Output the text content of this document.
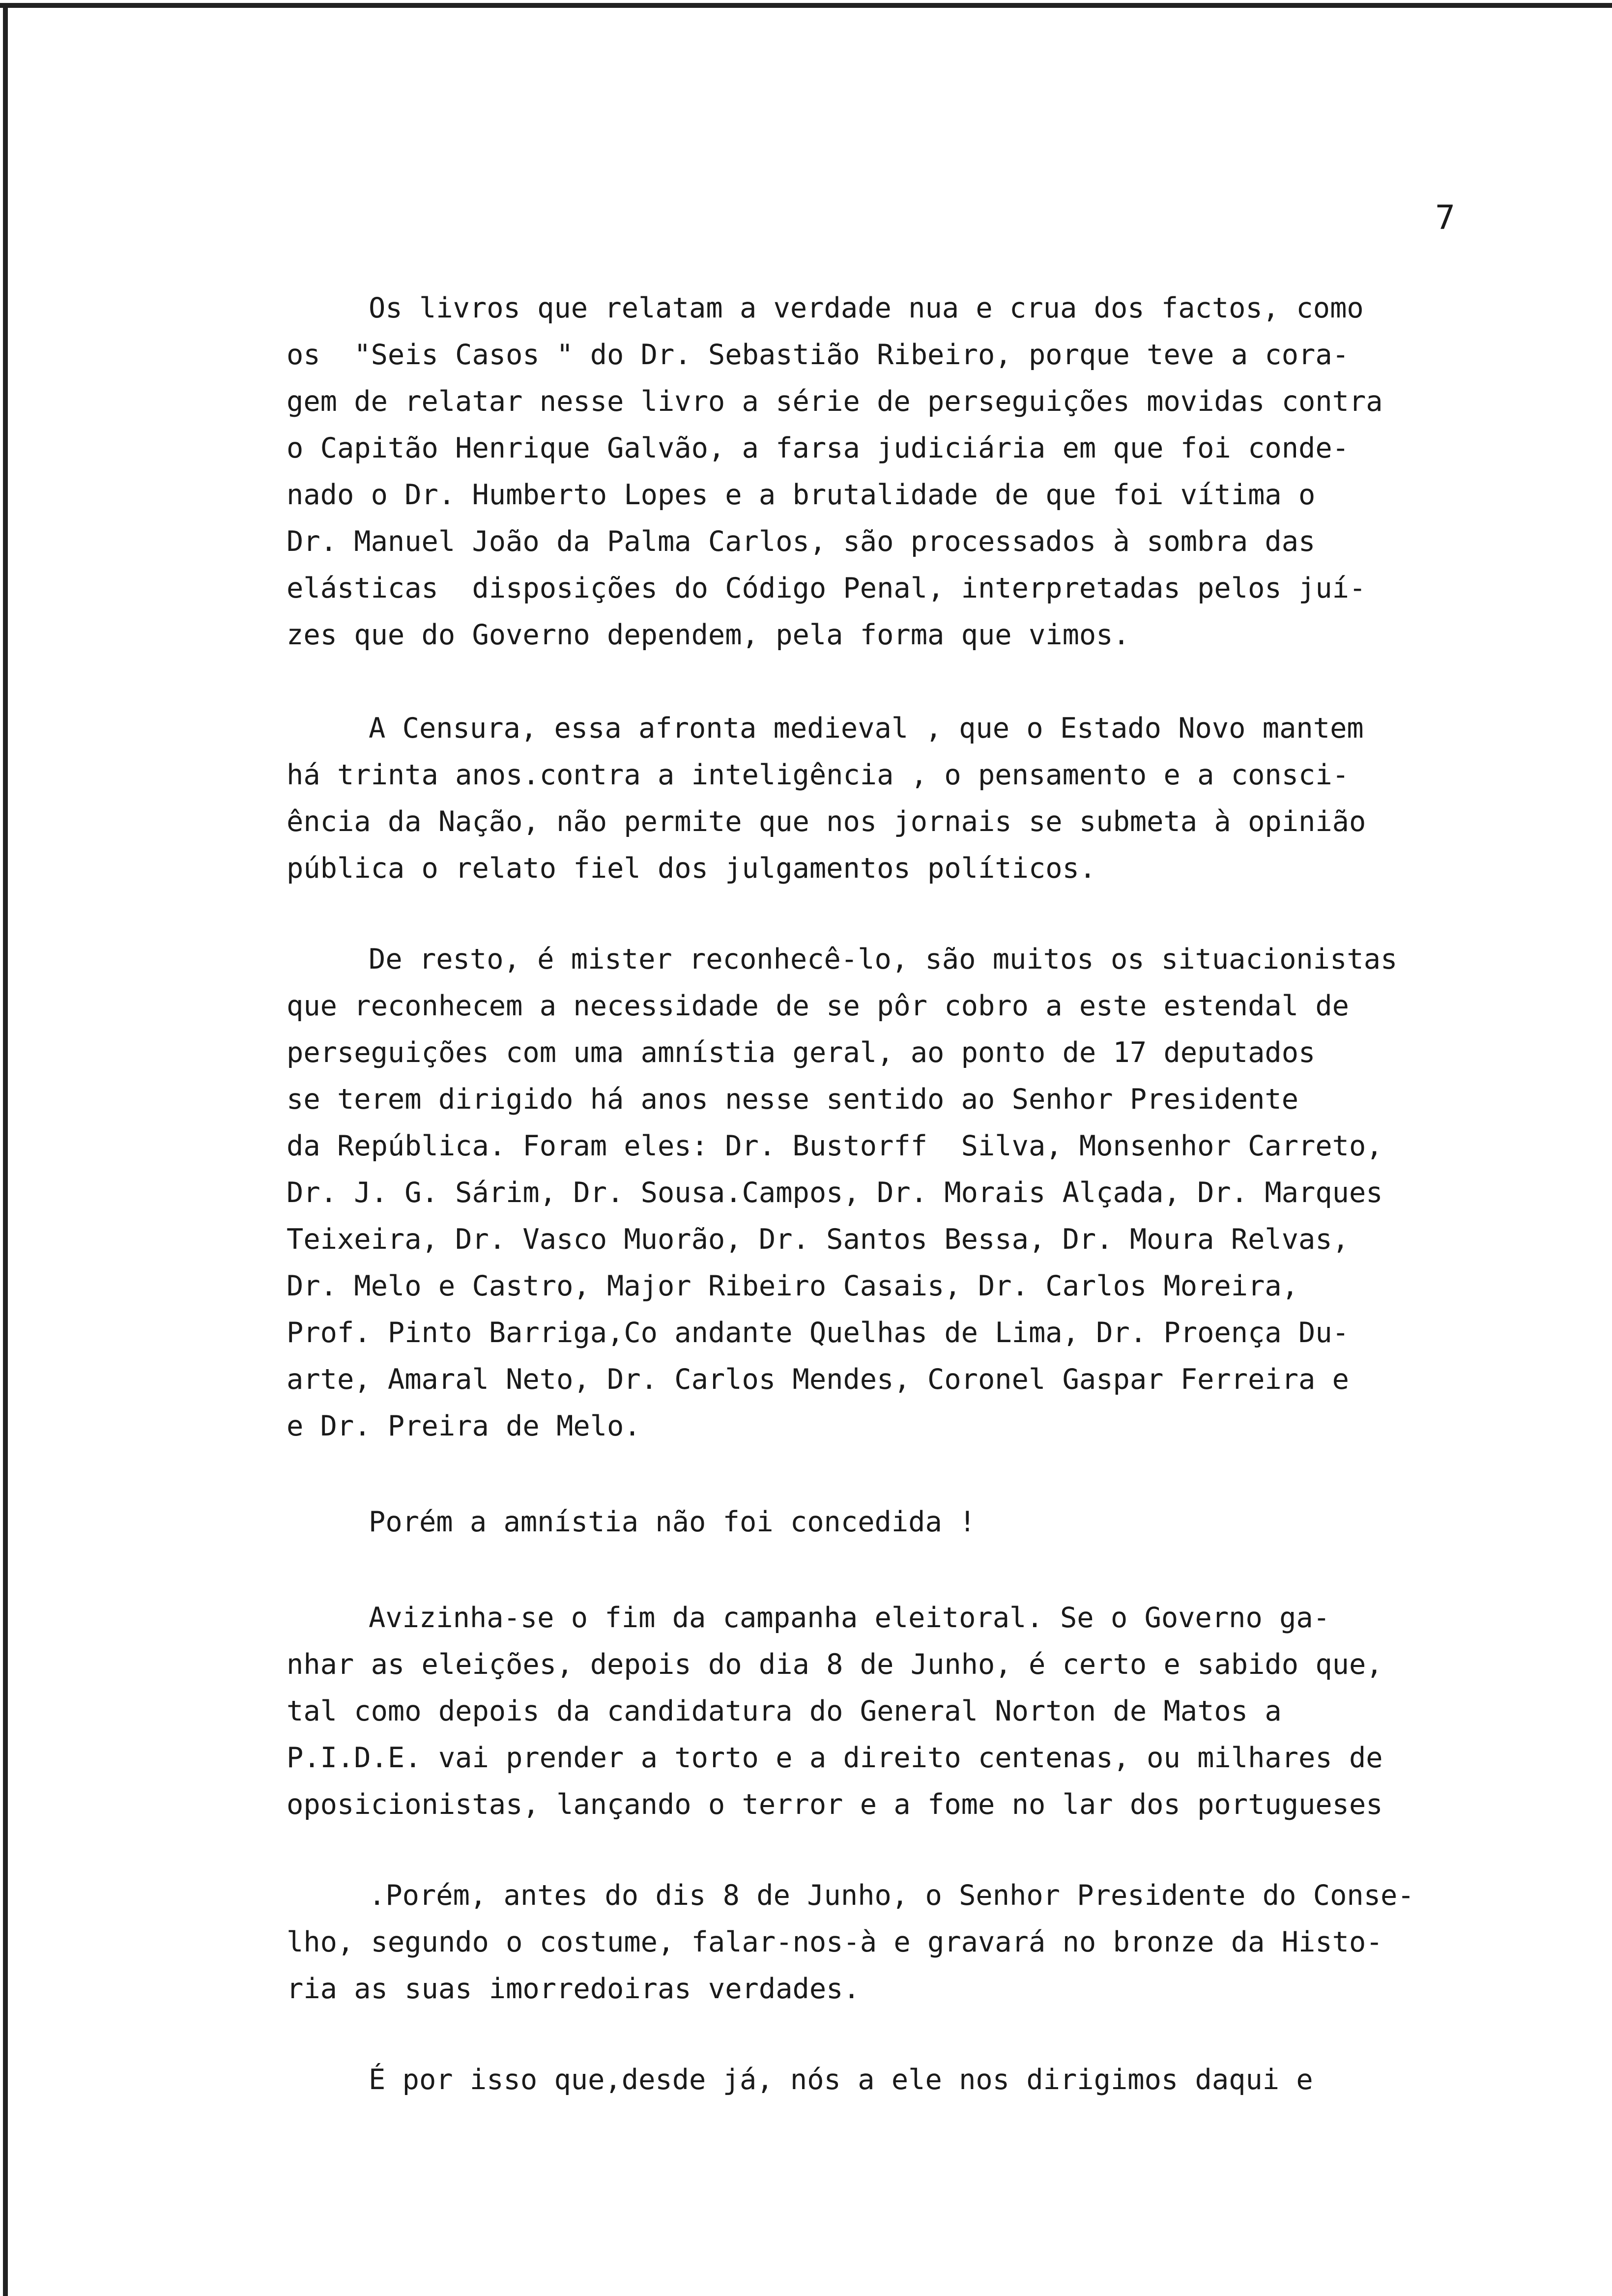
7
Os livros que relatam a verdade nua e crua dos factos, como
os  "Seis Casos " do Dr. Sebastião Ribeiro, porque teve a cora-
gem de relatar nesse livro a série de perseguições movidas contra
o Capitão Henrique Galvão, a farsa judiciária em que foi conde-
nado o Dr. Humberto Lopes e a brutalidade de que foi vítima o
Dr. Manuel João da Palma Carlos, são processados à sombra das
elásticas  disposições do Código Penal, interpretadas pelos juí-
zes que do Governo dependem, pela forma que vimos.
A Censura, essa afronta medieval , que o Estado Novo mantem
há trinta anos.contra a inteligência , o pensamento e a consci-
ência da Nação, não permite que nos jornais se submeta à opinião
pública o relato fiel dos julgamentos políticos.
De resto, é mister reconhecê-lo, são muitos os situacionistas
que reconhecem a necessidade de se pôr cobro a este estendal de
perseguições com uma amnístia geral, ao ponto de 17 deputados
se terem dirigido há anos nesse sentido ao Senhor Presidente
da República. Foram eles: Dr. Bustorff  Silva, Monsenhor Carreto,
Dr. J. G. Sárim, Dr. Sousa.Campos, Dr. Morais Alçada, Dr. Marques
Teixeira, Dr. Vasco Muorão, Dr. Santos Bessa, Dr. Moura Relvas,
Dr. Melo e Castro, Major Ribeiro Casais, Dr. Carlos Moreira,
Prof. Pinto Barriga,Co andante Quelhas de Lima, Dr. Proença Du-
arte, Amaral Neto, Dr. Carlos Mendes, Coronel Gaspar Ferreira e
e Dr. Preira de Melo.
Porém a amnístia não foi concedida !
Avizinha-se o fim da campanha eleitoral. Se o Governo ga-
nhar as eleições, depois do dia 8 de Junho, é certo e sabido que,
tal como depois da candidatura do General Norton de Matos a
P.I.D.E. vai prender a torto e a direito centenas, ou milhares de
oposicionistas, lançando o terror e a fome no lar dos portugueses
.Porém, antes do dis 8 de Junho, o Senhor Presidente do Conse-
lho, segundo o costume, falar-nos-à e gravará no bronze da Histo-
ria as suas imorredoiras verdades.
É por isso que,desde já, nós a ele nos dirigimos daqui e
